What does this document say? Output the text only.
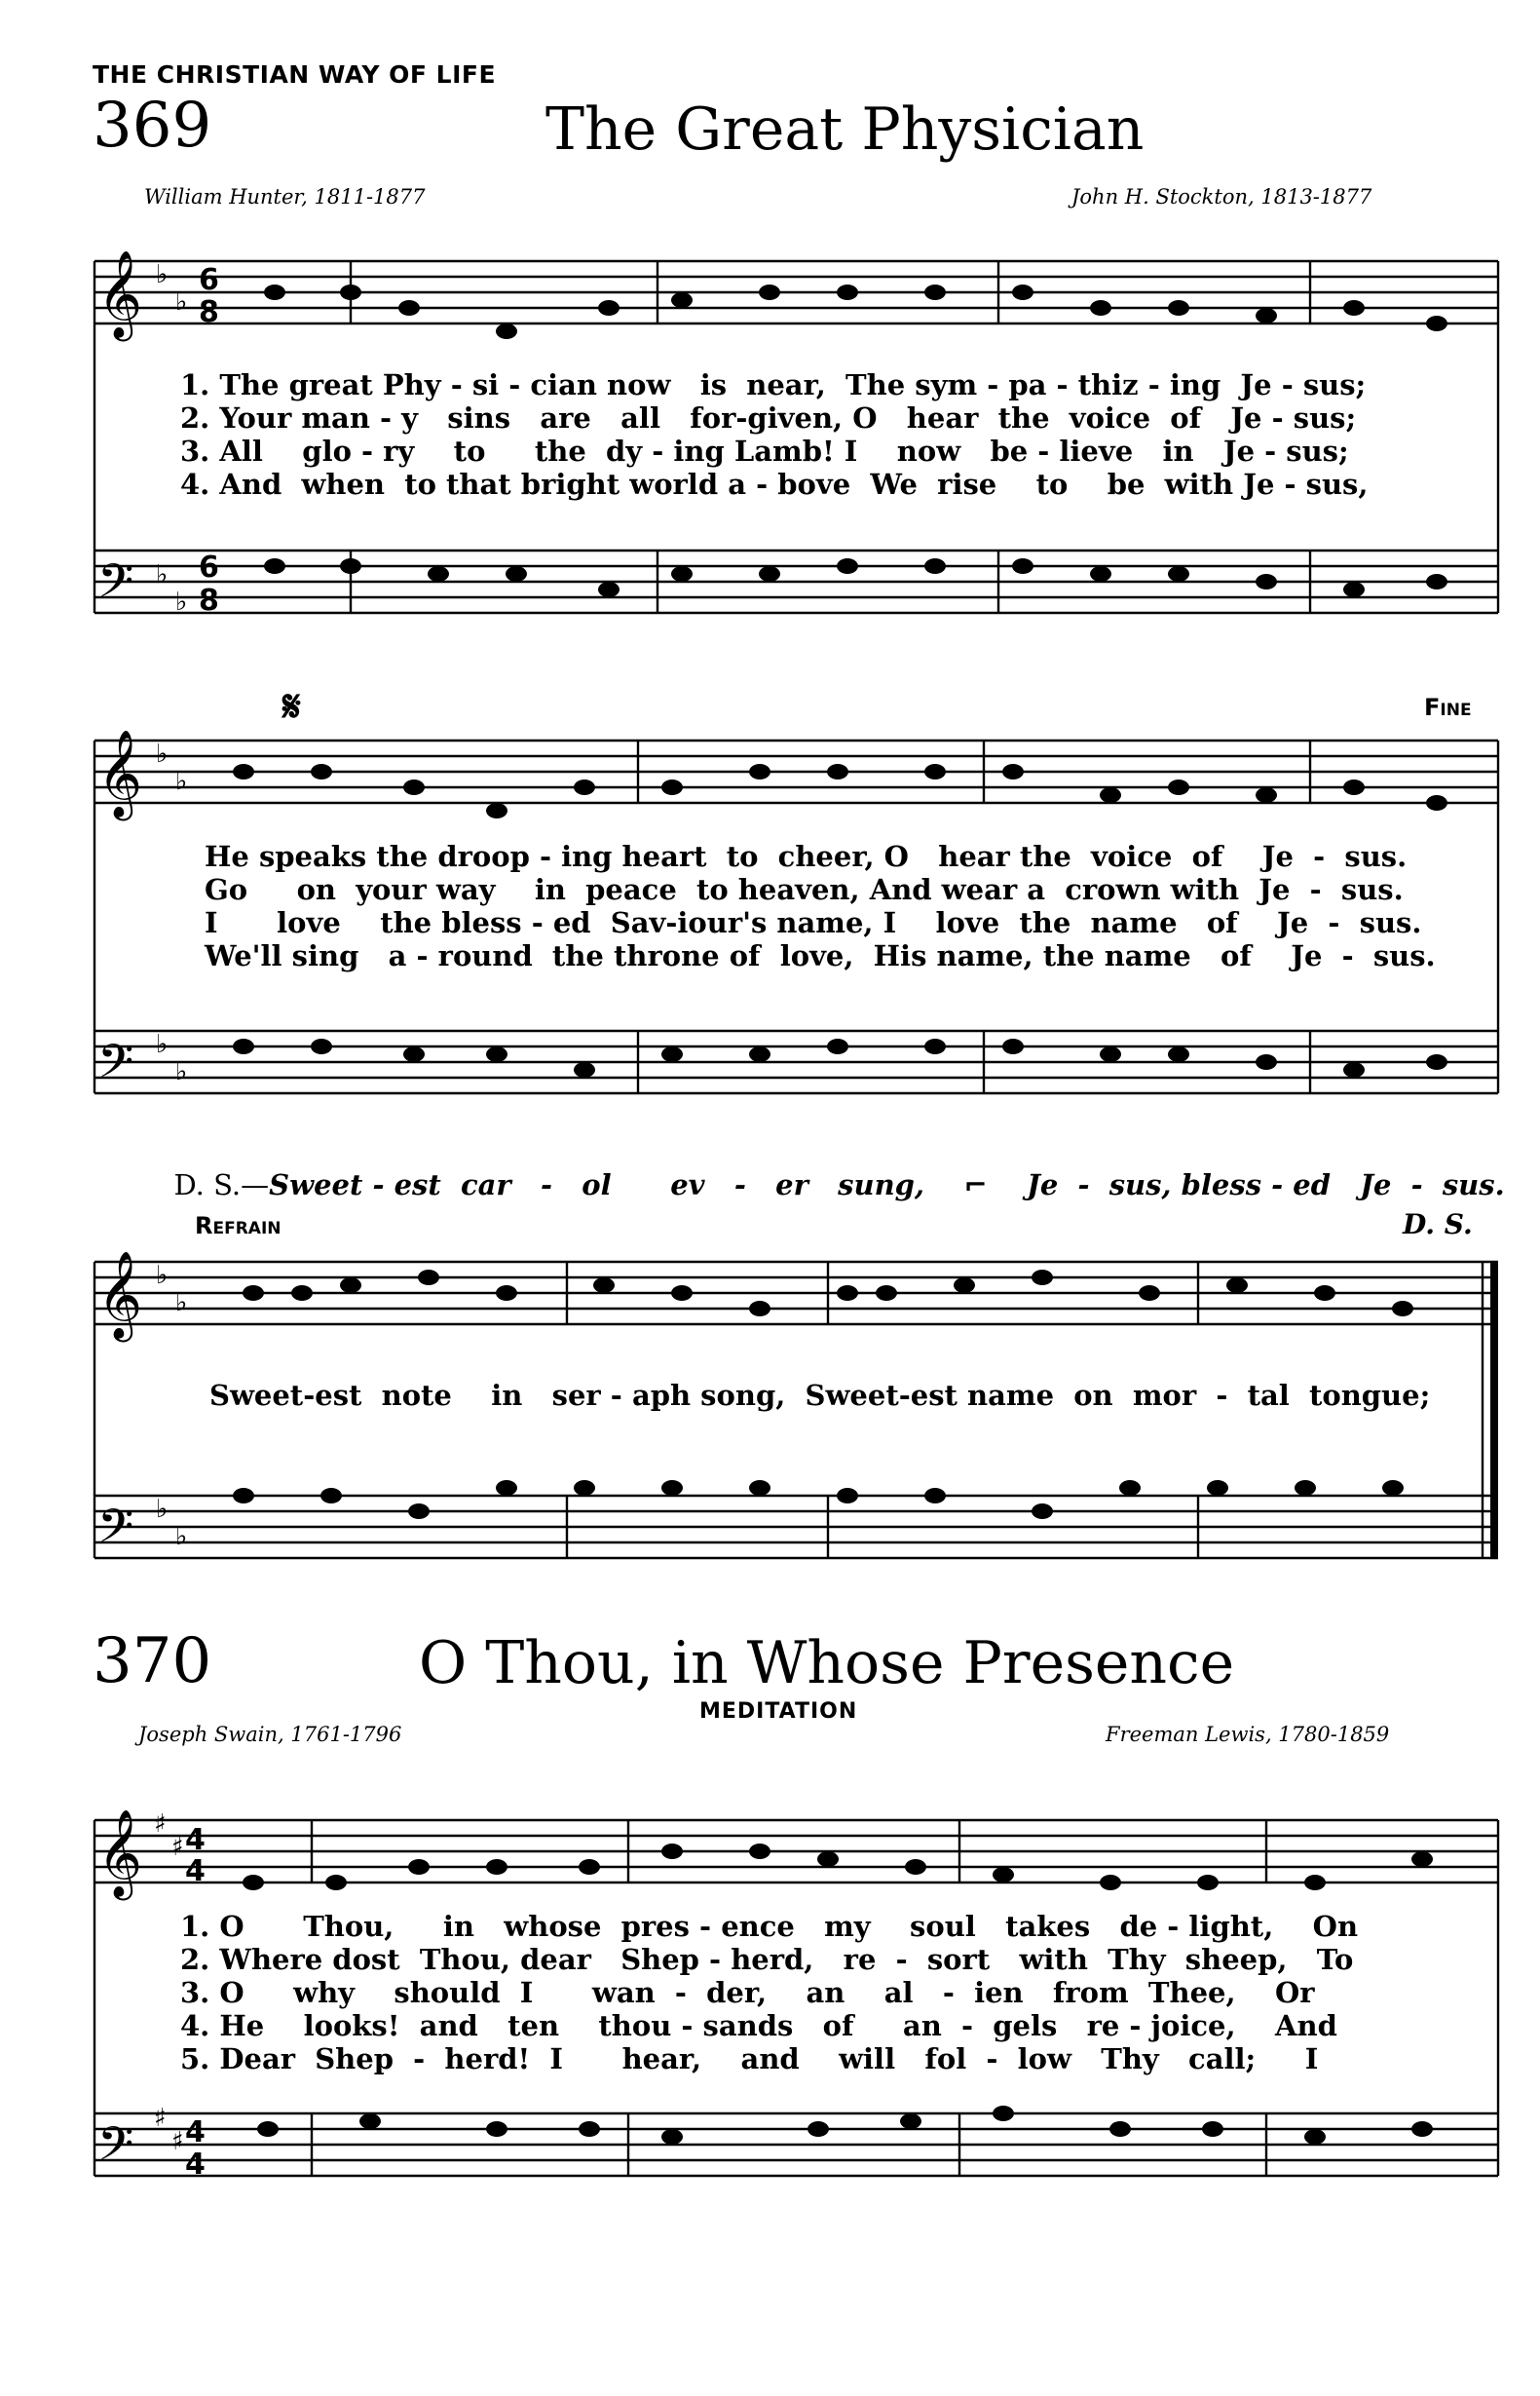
𝄞
𝄢
𝄞
𝄢
𝄞
𝄢
𝄞
𝄢
♭
♭
♭
♭
♭
♭
♭
♭
♭
♭
♭
♭
♯
♯
♯
♯
6
8
6
8
4
4
4
4
𝄋
THE CHRISTIAN WAY OF LIFE
369	The Great Physician
William Hunter, 1811-1877	John H. Stockton, 1813-1877
1. The great Phy - si - cian now   is  near,  The sym - pa - thiz - ing  Je - sus;
2. Your man - y   sins   are   all   for-given, O   hear  the  voice  of   Je - sus;
3. All    glo - ry    to     the  dy - ing Lamb! I    now   be - lieve   in   Je - sus;
4. And  when  to that bright world a - bove  We  rise    to    be  with Je - sus,
Fine
He speaks the droop - ing heart  to  cheer, O   hear the  voice  of    Je  -  sus.
Go     on  your way    in  peace  to heaven, And wear a  crown with  Je  -  sus.
I      love    the bless - ed  Sav-iour's name, I    love  the  name   of    Je  -  sus.
We'll sing   a - round  the throne of  love,  His name, the name   of    Je  -  sus.

D. S.—Sweet - est  car   -   ol      ev   -   er   sung,    ⌐    Je  -  sus, bless - ed   Je  -  sus.

Refrain	D. S.
Sweet-est  note    in   ser - aph song,  Sweet-est name  on  mor  -  tal  tongue;
370	O Thou, in Whose Presence
MEDITATION
Joseph Swain, 1761-1796	Freeman Lewis, 1780-1859
1. O      Thou,     in   whose  pres - ence   my    soul   takes   de - light,    On
2. Where dost  Thou, dear   Shep - herd,   re  -  sort   with  Thy  sheep,   To
3. O     why    should  I      wan  -  der,    an    al   -  ien   from  Thee,    Or
4. He    looks!  and   ten    thou - sands   of     an  -  gels   re - joice,    And
5. Dear  Shep  -  herd!  I      hear,    and    will   fol  -  low   Thy   call;     I
